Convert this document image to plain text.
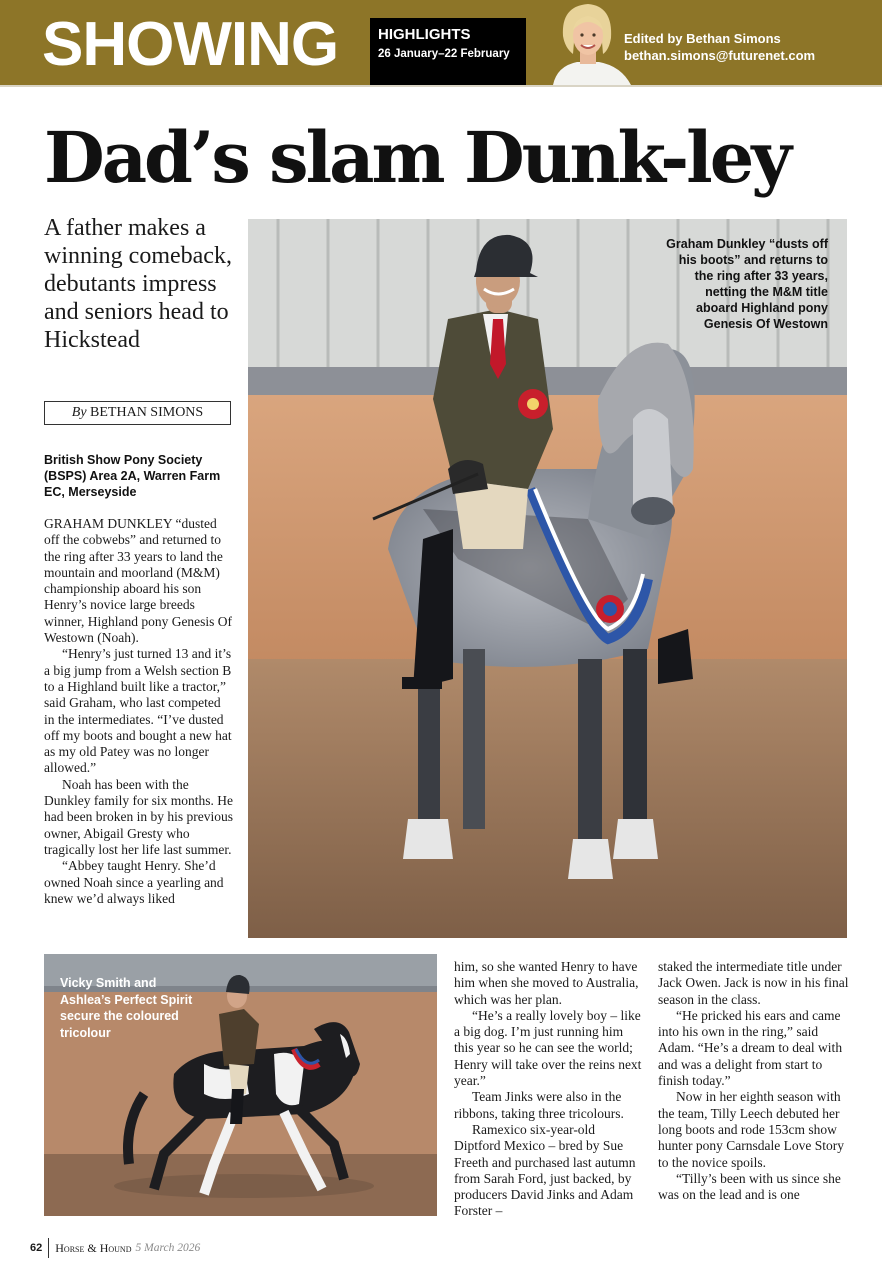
SHOWING	HIGHLIGHTS
26 January–22 February
Edited by Bethan Simons
bethan.simons@futurenet.com
Dad’s slam Dunk-ley
A father makes a winning comeback, debutants impress and seniors head to Hickstead
By BETHAN SIMONS
British Show Pony Society (BSPS) Area 2A, Warren Farm EC, Merseyside

GRAHAM DUNKLEY “dusted off the cobwebs” and returned to the ring after 33 years to land the mountain and moorland (M&M) championship aboard his son Henry’s novice large breeds winner, Highland pony Genesis Of Westown (Noah).

“Henry’s just turned 13 and it’s a big jump from a Welsh section B to a Highland built like a tractor,” said Graham, who last competed in the intermediates. “I’ve dusted off my boots and bought a new hat as my old Patey was no longer allowed.”

Noah has been with the Dunkley family for six months. He had been broken in by his previous owner, Abigail Gresty who tragically lost her life last summer.

“Abbey taught Henry. She’d owned Noah since a yearling and knew we’d always liked

Graham Dunkley “dusts off his boots” and returns to the ring after 33 years, netting the M&M title aboard Highland pony Genesis Of Westown
Vicky Smith and Ashlea’s Perfect Spirit secure the coloured tricolour

him, so she wanted Henry to have him when she moved to Australia, which was her plan.

“He’s a really lovely boy – like a big dog. I’m just running him this year so he can see the world; Henry will take over the reins next year.”

Team Jinks were also in the ribbons, taking three tricolours.

Ramexico six-year-old Diptford Mexico – bred by Sue Freeth and purchased last autumn from Sarah Ford, just backed, by producers David Jinks and Adam Forster –

staked the intermediate title under Jack Owen. Jack is now in his final season in the class.

“He pricked his ears and came into his own in the ring,” said Adam. “He’s a dream to deal with and was a delight from start to finish today.”

Now in her eighth season with the team, Tilly Leech debuted her long boots and rode 153cm show hunter pony Carnsdale Love Story to the novice spoils.

“Tilly’s been with us since she was on the lead and is one

62 Horse & Hound 5 March 2026
